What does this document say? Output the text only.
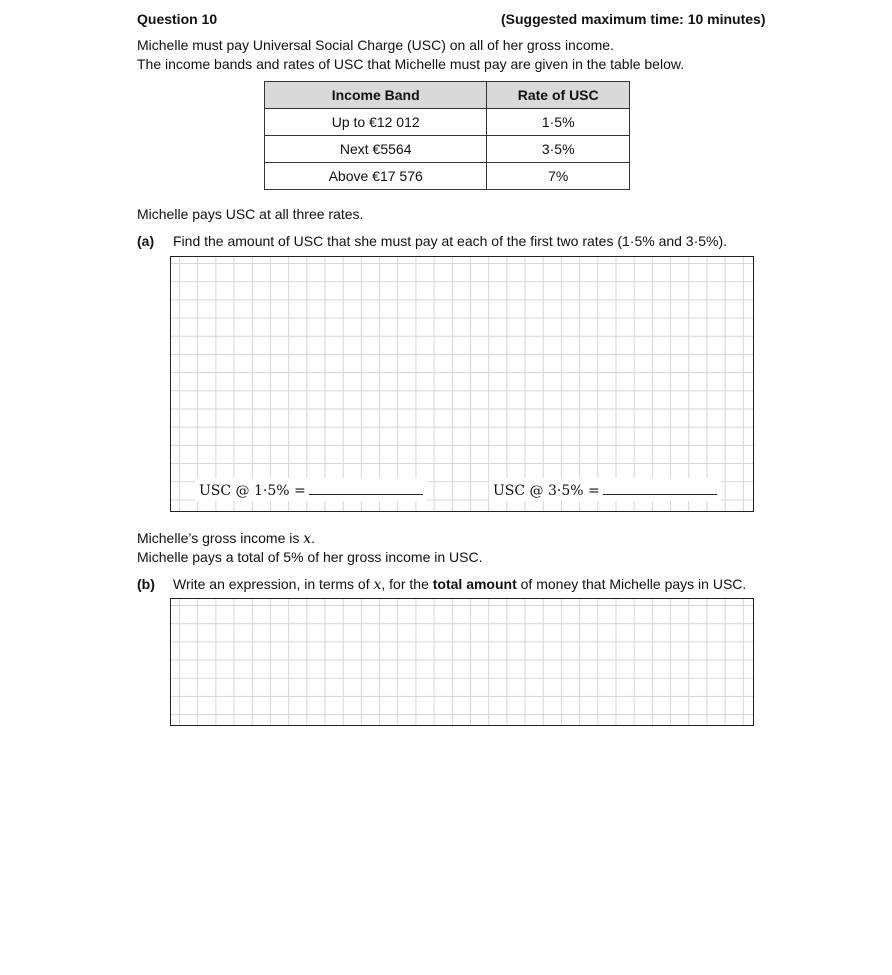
Question 10	(Suggested maximum time: 10 minutes)
Michelle must pay Universal Social Charge (USC) on all of her gross income.
The income bands and rates of USC that Michelle must pay are given in the table below.
Income Band	Rate of USC
Up to €12 012	1·5%
Next €5564	3·5%
Above €17 576	7%
Michelle pays USC at all three rates.
(a) Find the amount of USC that she must pay at each of the first two rates (1·5% and 3·5%).
USC @ 1·5% =	USC @ 3·5% =
Michelle’s gross income is x.
Michelle pays a total of 5% of her gross income in USC.
(b) Write an expression, in terms of x, for the total amount of money that Michelle pays in USC.
